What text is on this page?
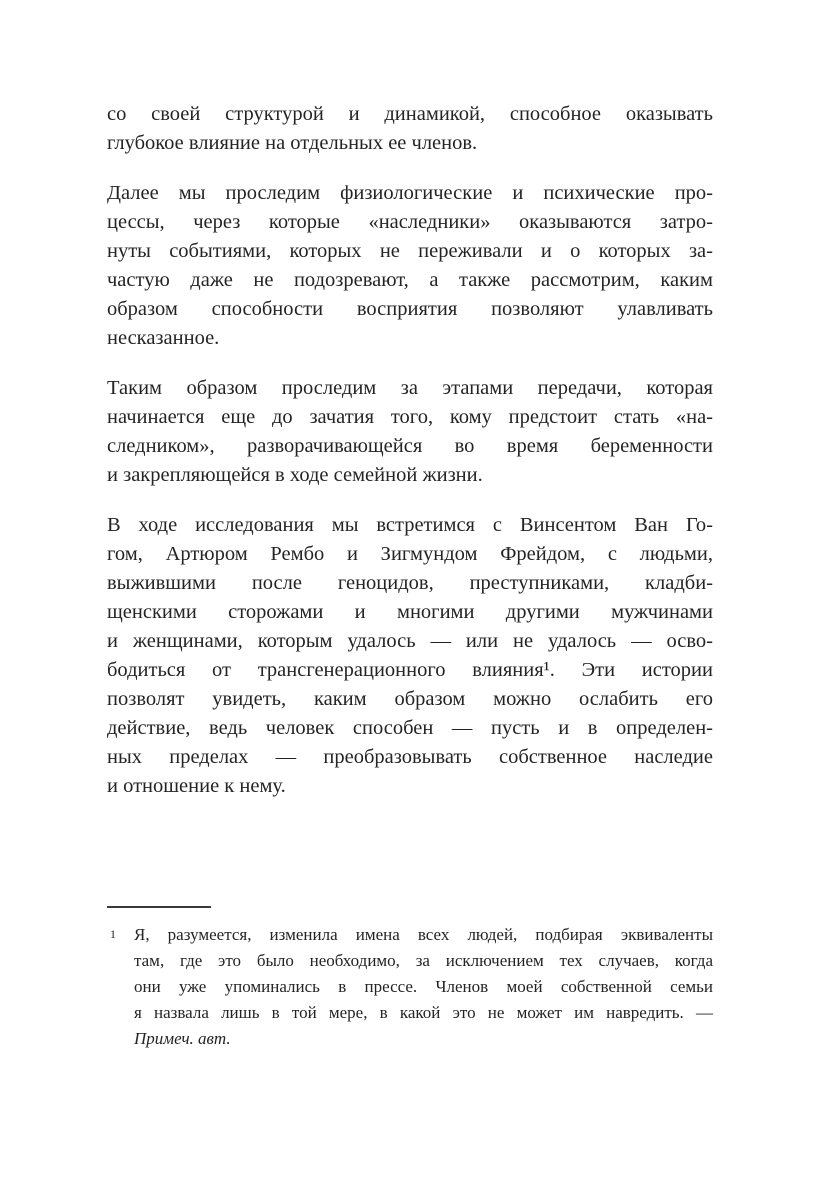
со своей структурой и динамикой, способное оказывать
глубокое влияние на отдельных ее членов.
Далее мы проследим физиологические и психические про-
цессы, через которые «наследники» оказываются затро-
нуты событиями, которых не переживали и о которых за-
частую даже не подозревают, а также рассмотрим, каким
образом способности восприятия позволяют улавливать
несказанное.
Таким образом проследим за этапами передачи, которая
начинается еще до зачатия того, кому предстоит стать «на-
следником», разворачивающейся во время беременности
и закрепляющейся в ходе семейной жизни.
В ходе исследования мы встретимся с Винсентом Ван Го-
гом, Артюром Рембо и Зигмундом Фрейдом, с людьми,
выжившими после геноцидов, преступниками, кладби-
щенскими сторожами и многими другими мужчинами
и женщинами, которым удалось — или не удалось — осво-
бодиться от трансгенерационного влияния¹. Эти истории
позволят увидеть, каким образом можно ослабить его
действие, ведь человек способен — пусть и в определен-
ных пределах — преобразовывать собственное наследие
и отношение к нему.
1 Я, разумеется, изменила имена всех людей, подбирая эквиваленты
там, где это было необходимо, за исключением тех случаев, когда
они уже упоминались в прессе. Членов моей собственной семьи
я назвала лишь в той мере, в какой это не может им навредить. —
Примеч. авт.
